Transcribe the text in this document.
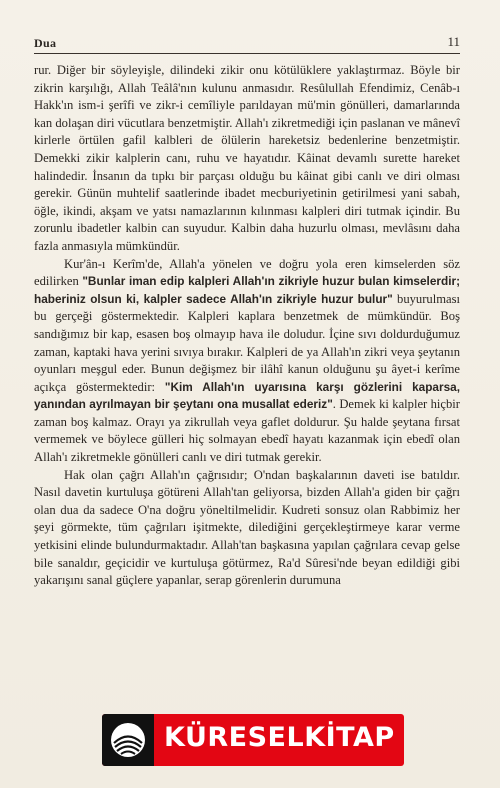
Dua	11

rur. Diğer bir söyleyişle, dilindeki zikir onu kötülüklere yaklaştırmaz. Böyle bir zikrin karşılığı, Allah Teâlâ'nın kulunu anmasıdır. Resûlullah Efendimiz, Cenâb-ı Hakk'ın ism-i şerîfi ve zikr-i cemîliyle parıldayan mü'min gönülleri, damarlarında kan dolaşan diri vücutlara benzetmiştir. Allah'ı zikretmediği için paslanan ve mânevî kirlerle örtülen gafil kalbleri de ölülerin hareketsiz bedenlerine benzetmiştir. Demekki zikir kalplerin canı, ruhu ve hayatıdır. Kâinat devamlı surette hareket halindedir. İnsanın da tıpkı bir parçası olduğu bu kâinat gibi canlı ve diri olması gerekir. Günün muhtelif saatlerinde ibadet mecburiyetinin getirilmesi yani sabah, öğle, ikindi, akşam ve yatsı namazlarının kılınması kalpleri diri tutmak içindir. Bu zorunlu ibadetler kalbin can suyudur. Kalbin daha huzurlu olması, mevlâsını daha fazla anmasıyla mümkündür.

Kur'ân-ı Kerîm'de, Allah'a yönelen ve doğru yola eren kimselerden söz edilirken "Bunlar iman edip kalpleri Allah'ın zikriyle huzur bulan kimselerdir; haberiniz olsun ki, kalpler sadece Allah'ın zikriyle huzur bulur" buyurulması bu gerçeği göstermektedir. Kalpleri kaplara benzetmek de mümkündür. Boş sandığımız bir kap, esasen boş olmayıp hava ile doludur. İçine sıvı doldurduğumuz zaman, kaptaki hava yerini sıvıya bırakır. Kalpleri de ya Allah'ın zikri veya şeytanın oyunları meşgul eder. Bunun değişmez bir ilâhî kanun olduğunu şu âyet-i kerîme açıkça göstermektedir: "Kim Allah'ın uyarısına karşı gözlerini kaparsa, yanından ayrılmayan bir şeytanı ona musallat ederiz". Demek ki kalpler hiçbir zaman boş kalmaz. Orayı ya zikrullah veya gaflet doldurur. Şu halde şeytana fırsat vermemek ve böylece gülleri hiç solmayan ebedî hayatı kazanmak için ebedî olan Allah'ı zikretmekle gönülleri canlı ve diri tutmak gerekir.

Hak olan çağrı Allah'ın çağrısıdır; O'ndan başkalarının daveti ise batıldır. Nasıl davetin kurtuluşa götüreni Allah'tan geliyorsa, bizden Allah'a giden bir çağrı olan dua da sadece O'na doğru yöneltilmelidir. Kudreti sonsuz olan Rabbimiz her şeyi görmekte, tüm çağrıları işitmekte, dilediğini gerçekleştirmeye karar verme yetkisini elinde bulundurmaktadır. Allah'tan başkasına yapılan çağrılara cevap gelse bile sanaldır, geçicidir ve kurtuluşa götürmez, Ra'd Sûresi'nde beyan edildiği gibi yakarışını sanal güçlere yapanlar, serap görenlerin durumuna

KÜRESELKİTAP
